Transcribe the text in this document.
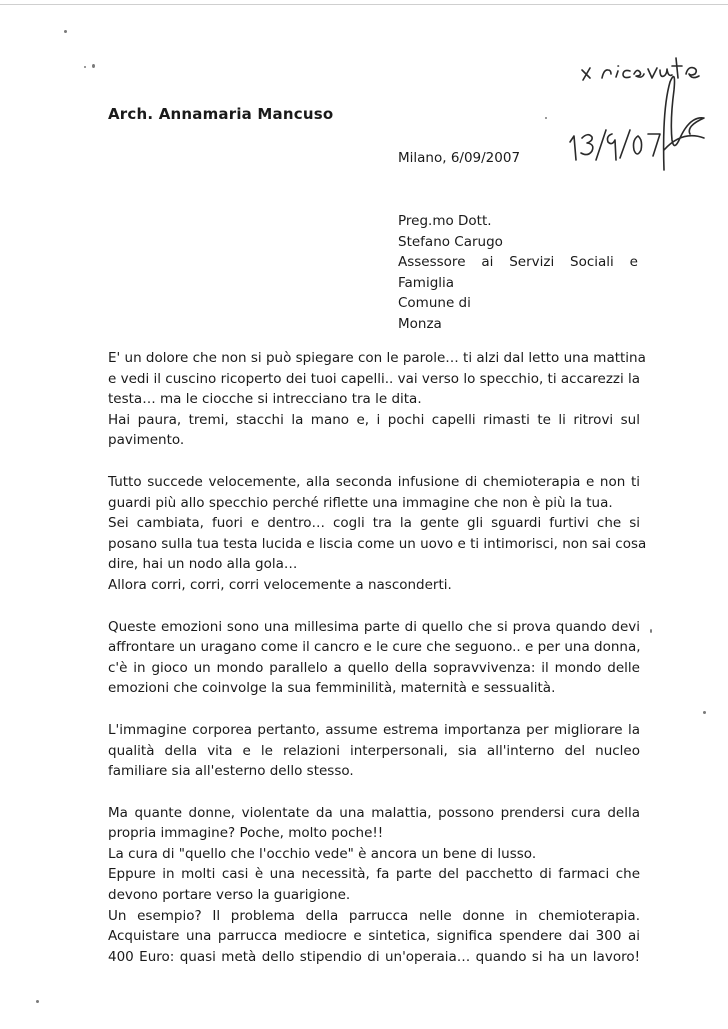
Arch. Annamaria Mancuso
Milano, 6/09/2007
Preg.mo Dott.
Stefano Carugo
Assessore ai Servizi Sociali e
Famiglia
Comune di
Monza
E' un dolore che non si può spiegare con le parole… ti alzi dal letto una mattina
e vedi il cuscino ricoperto dei tuoi capelli.. vai verso lo specchio, ti accarezzi la
testa… ma le ciocche si intrecciano tra le dita.
Hai paura, tremi, stacchi la mano e, i pochi capelli rimasti te li ritrovi sul
pavimento.
Tutto succede velocemente, alla seconda infusione di chemioterapia e non ti
guardi più allo specchio perché riflette una immagine che non è più la tua.
Sei cambiata, fuori e dentro… cogli tra la gente gli sguardi furtivi che si
posano sulla tua testa lucida e liscia come un uovo e ti intimorisci, non sai cosa
dire, hai un nodo alla gola…
Allora corri, corri, corri velocemente a nasconderti.
Queste emozioni sono una millesima parte di quello che si prova quando devi
affrontare un uragano come il cancro e le cure che seguono.. e per una donna,
c'è in gioco un mondo parallelo a quello della sopravvivenza: il mondo delle
emozioni che coinvolge la sua femminilità, maternità e sessualità.
L'immagine corporea pertanto, assume estrema importanza per migliorare la
qualità della vita e le relazioni interpersonali, sia all'interno del nucleo
familiare sia all'esterno dello stesso.
Ma quante donne, violentate da una malattia, possono prendersi cura della
propria immagine? Poche, molto poche!!
La cura di "quello che l'occhio vede" è ancora un bene di lusso.
Eppure in molti casi è una necessità, fa parte del pacchetto di farmaci che
devono portare verso la guarigione.
Un esempio? Il problema della parrucca nelle donne in chemioterapia.
Acquistare una parrucca mediocre e sintetica, significa spendere dai 300 ai
400 Euro: quasi metà dello stipendio di un'operaia… quando si ha un lavoro!
